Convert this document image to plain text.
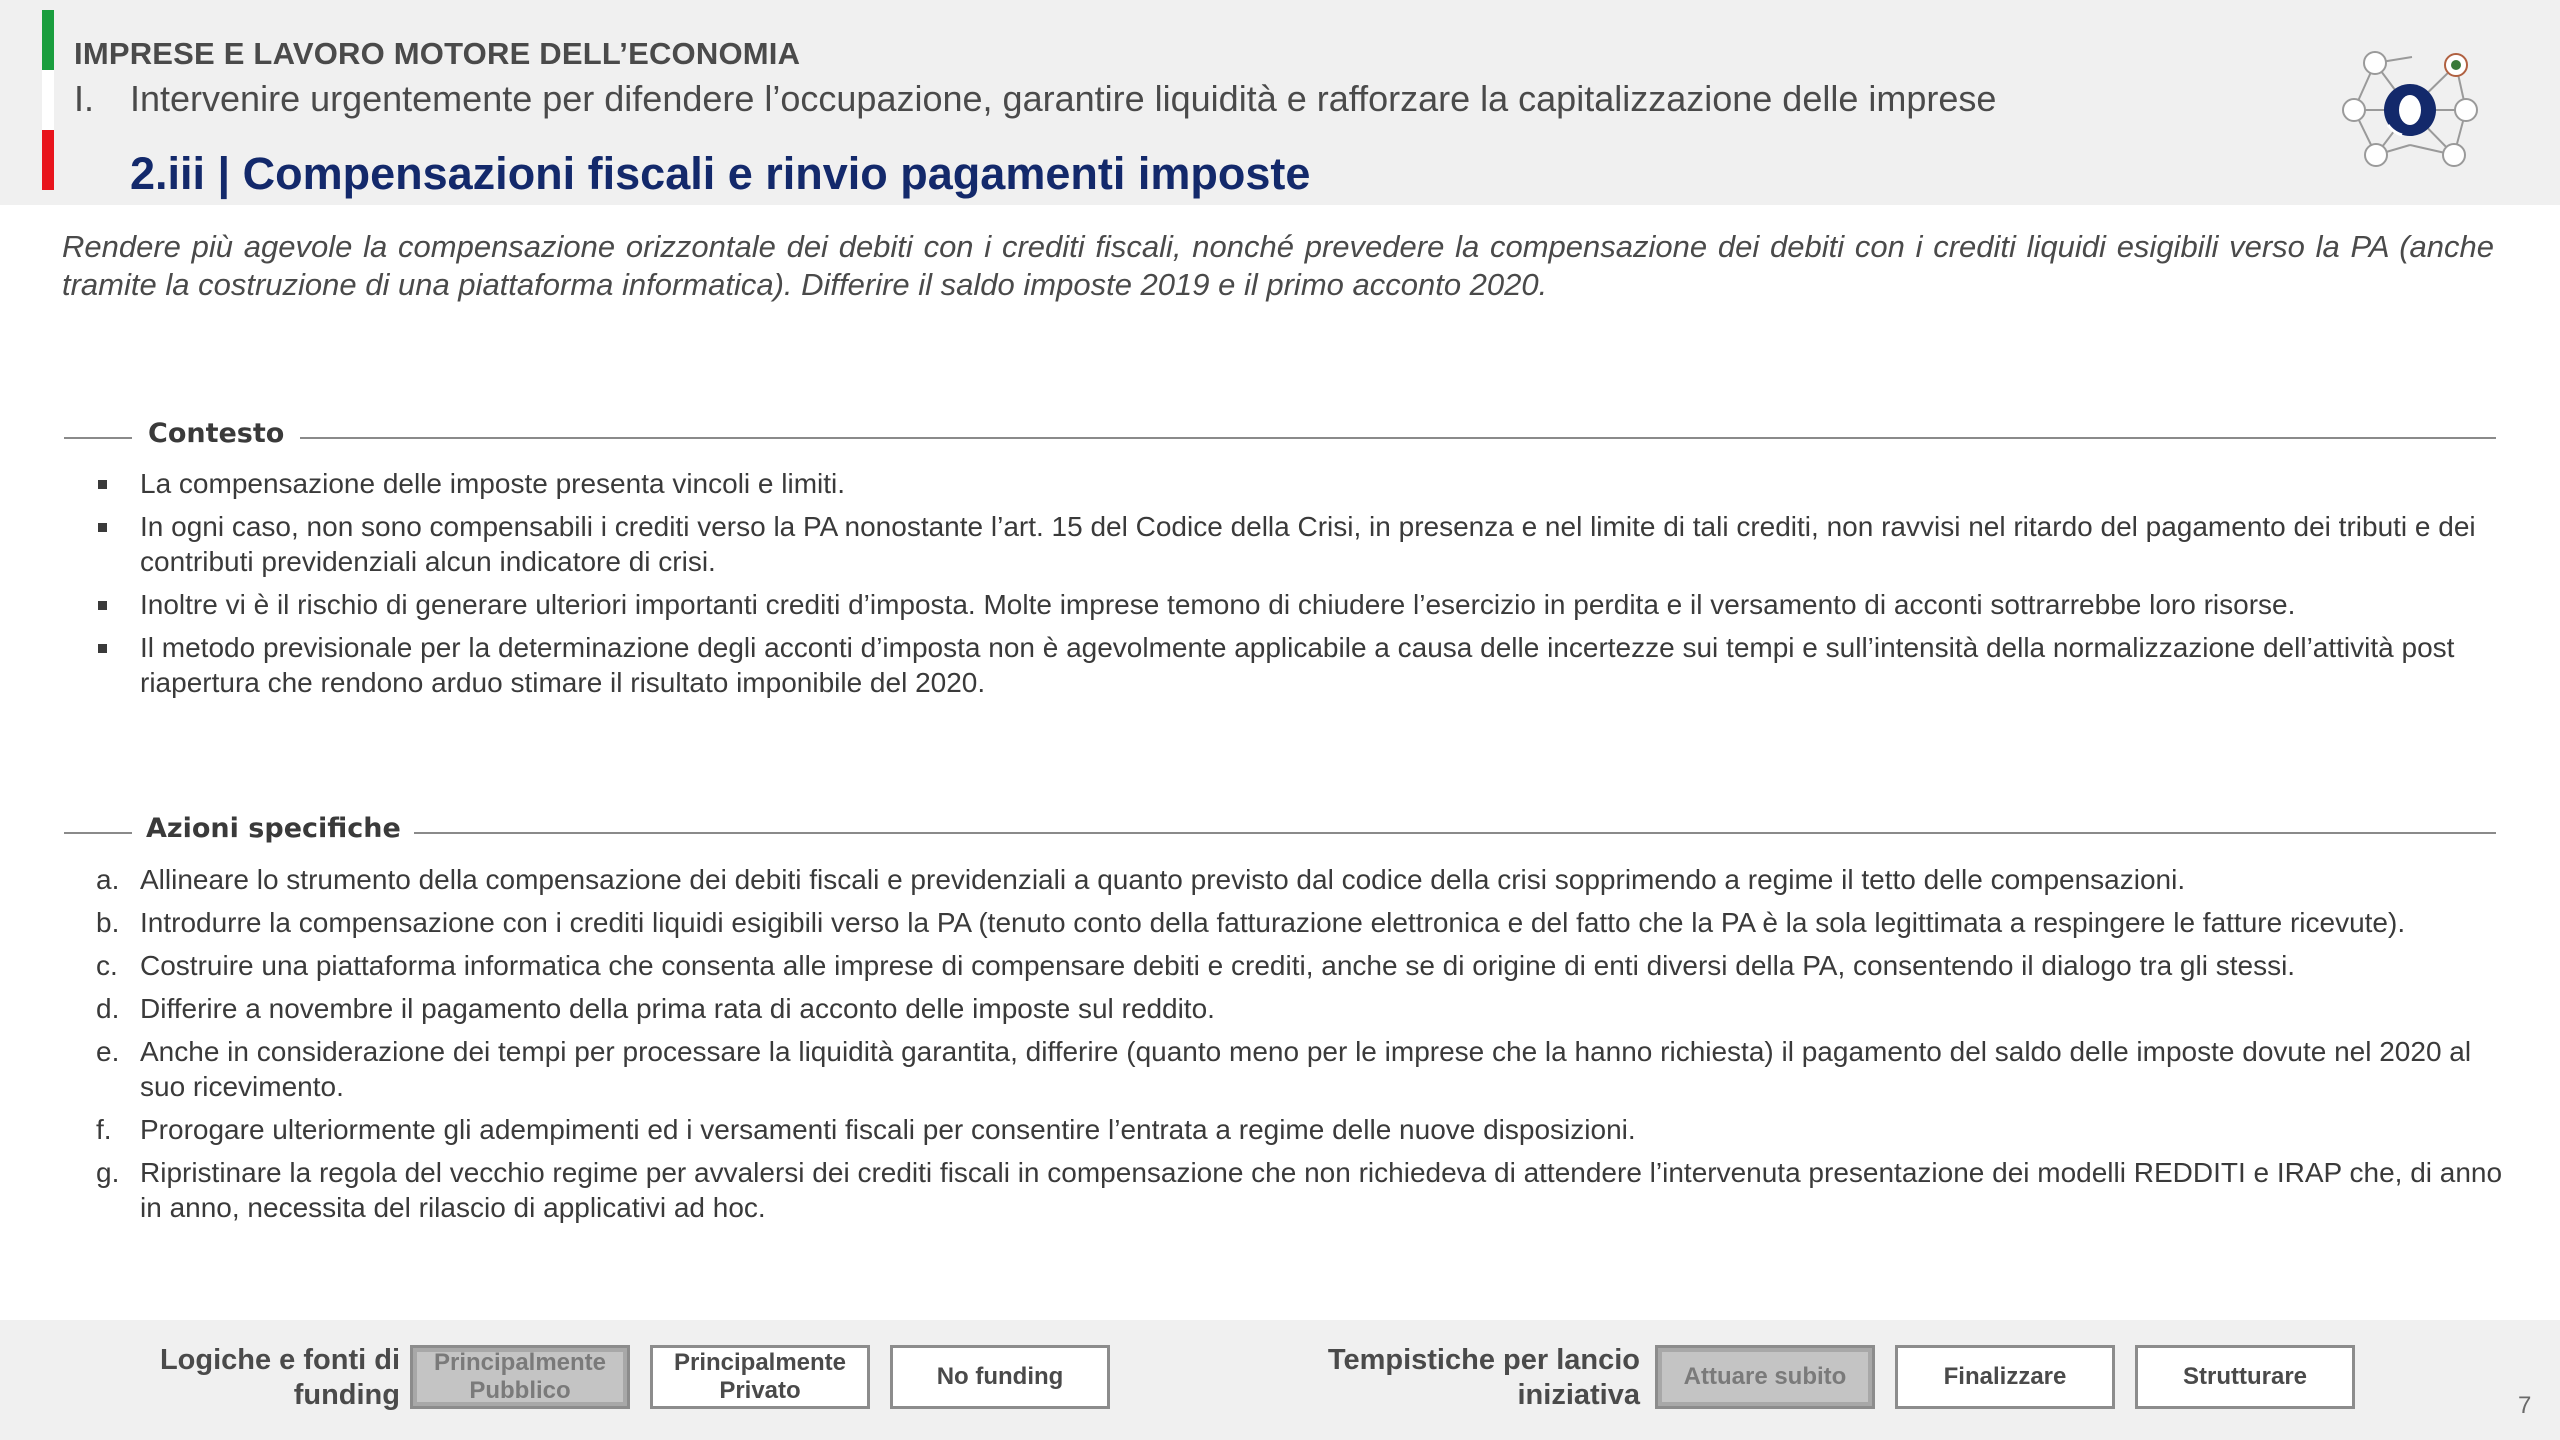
IMPRESE E LAVORO MOTORE DELL’ECONOMIA
I. Intervenire urgentemente per difendere l’occupazione, garantire liquidità e rafforzare la capitalizzazione delle imprese
2.iii | Compensazioni fiscali e rinvio pagamenti imposte
Rendere più agevole la compensazione orizzontale dei debiti con i crediti fiscali, nonché prevedere la compensazione dei debiti con i crediti liquidi esigibili verso la PA (anche tramite la costruzione di una piattaforma informatica). Differire il saldo imposte 2019 e il primo acconto 2020.
Contesto
La compensazione delle imposte presenta vincoli e limiti.
In ogni caso, non sono compensabili i crediti verso la PA nonostante l’art. 15 del Codice della Crisi, in presenza e nel limite di tali crediti, non ravvisi nel ritardo del pagamento dei tributi e dei contributi previdenziali alcun indicatore di crisi.
Inoltre vi è il rischio di generare ulteriori importanti crediti d’imposta. Molte imprese temono di chiudere l’esercizio in perdita e il versamento di acconti sottrarrebbe loro risorse.
Il metodo previsionale per la determinazione degli acconti d’imposta non è agevolmente applicabile a causa delle incertezze sui tempi e sull’intensità della normalizzazione dell’attività post riapertura che rendono arduo stimare il risultato imponibile del 2020.
Azioni specifiche
a. Allineare lo strumento della compensazione dei debiti fiscali e previdenziali a quanto previsto dal codice della crisi sopprimendo a regime il tetto delle compensazioni.
b. Introdurre la compensazione con i crediti liquidi esigibili verso la PA (tenuto conto della fatturazione elettronica e del fatto che la PA è la sola legittimata a respingere le fatture ricevute).
c. Costruire una piattaforma informatica che consenta alle imprese di compensare debiti e crediti, anche se di origine di enti diversi della PA, consentendo il dialogo tra gli stessi.
d. Differire a novembre il pagamento della prima rata di acconto delle imposte sul reddito.
e. Anche in considerazione dei tempi per processare la liquidità garantita, differire (quanto meno per le imprese che la hanno richiesta) il pagamento del saldo delle imposte dovute nel 2020 al suo ricevimento.
f. Prorogare ulteriormente gli adempimenti ed i versamenti fiscali per consentire l’entrata a regime delle nuove disposizioni.
g. Ripristinare la regola del vecchio regime per avvalersi dei crediti fiscali in compensazione che non richiedeva di attendere l’intervenuta presentazione dei modelli REDDITI e IRAP che, di anno in anno, necessita del rilascio di applicativi ad hoc.
Logiche e fonti di
funding
Principalmente
Pubblico
Principalmente
Privato
No funding
Tempistiche per lancio
iniziativa
Attuare subito	Finalizzare	Strutturare
7
